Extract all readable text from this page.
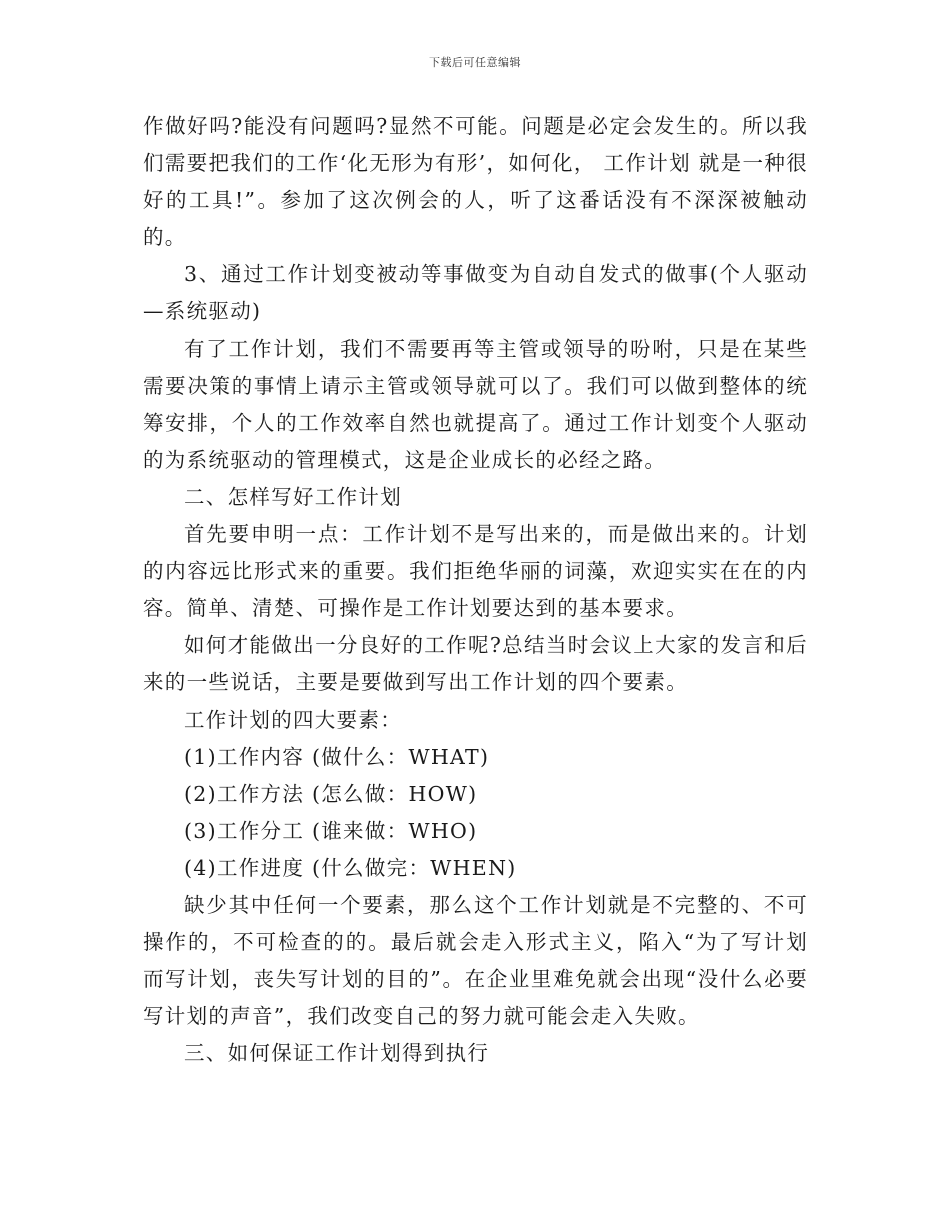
下载后可任意编辑

作做好吗?能没有问题吗?显然不可能。问题是必定会发生的。所以我们需要把我们的工作‘化无形为有形’，如何化， 工作计划 就是一种很好的工具!”。参加了这次例会的人，听了这番话没有不深深被触动的。

3、通过工作计划变被动等事做变为自动自发式的做事(个人驱动—系统驱动)

有了工作计划，我们不需要再等主管或领导的吩咐，只是在某些需要决策的事情上请示主管或领导就可以了。我们可以做到整体的统筹安排，个人的工作效率自然也就提高了。通过工作计划变个人驱动的为系统驱动的管理模式，这是企业成长的必经之路。

二、怎样写好工作计划

首先要申明一点：工作计划不是写出来的，而是做出来的。计划的内容远比形式来的重要。我们拒绝华丽的词藻，欢迎实实在在的内容。简单、清楚、可操作是工作计划要达到的基本要求。

如何才能做出一分良好的工作呢?总结当时会议上大家的发言和后来的一些说话，主要是要做到写出工作计划的四个要素。

工作计划的四大要素：

(1)工作内容 (做什么：WHAT)

(2)工作方法 (怎么做：HOW)

(3)工作分工 (谁来做：WHO)

(4)工作进度 (什么做完：WHEN)

缺少其中任何一个要素，那么这个工作计划就是不完整的、不可操作的，不可检查的的。最后就会走入形式主义，陷入“为了写计划而写计划，丧失写计划的目的”。在企业里难免就会出现“没什么必要写计划的声音”，我们改变自己的努力就可能会走入失败。

三、如何保证工作计划得到执行
